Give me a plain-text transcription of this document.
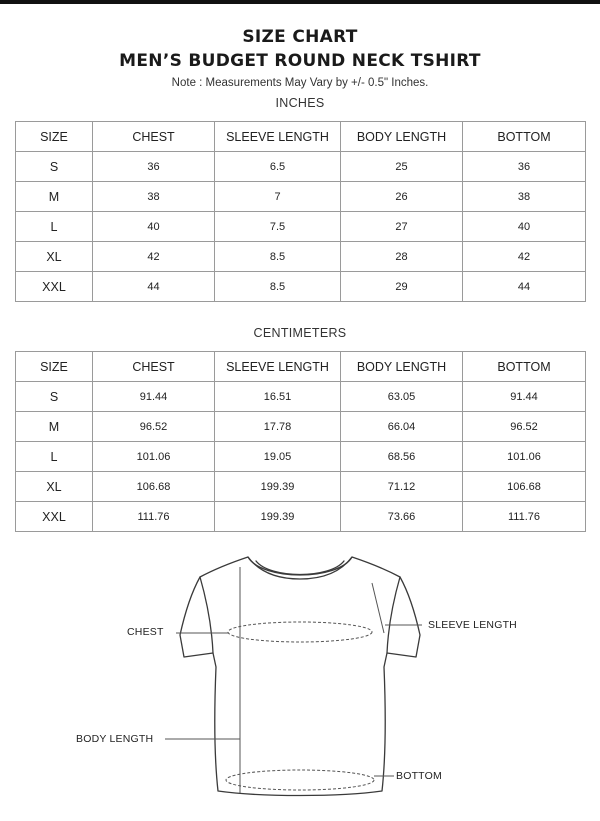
SIZE CHART
MEN’S BUDGET ROUND NECK TSHIRT
Note : Measurements May Vary by +/- 0.5" Inches.
INCHES
SIZE	CHEST	SLEEVE LENGTH	BODY LENGTH	BOTTOM
S	36	6.5	25	36
M	38	7	26	38
L	40	7.5	27	40
XL	42	8.5	28	42
XXL	44	8.5	29	44
CENTIMETERS
SIZE	CHEST	SLEEVE LENGTH	BODY LENGTH	BOTTOM
S	91.44	16.51	63.05	91.44
M	96.52	17.78	66.04	96.52
L	101.06	19.05	68.56	101.06
XL	106.68	199.39	71.12	106.68
XXL	111.76	199.39	73.66	111.76
CHEST
SLEEVE LENGTH
BODY LENGTH
BOTTOM
